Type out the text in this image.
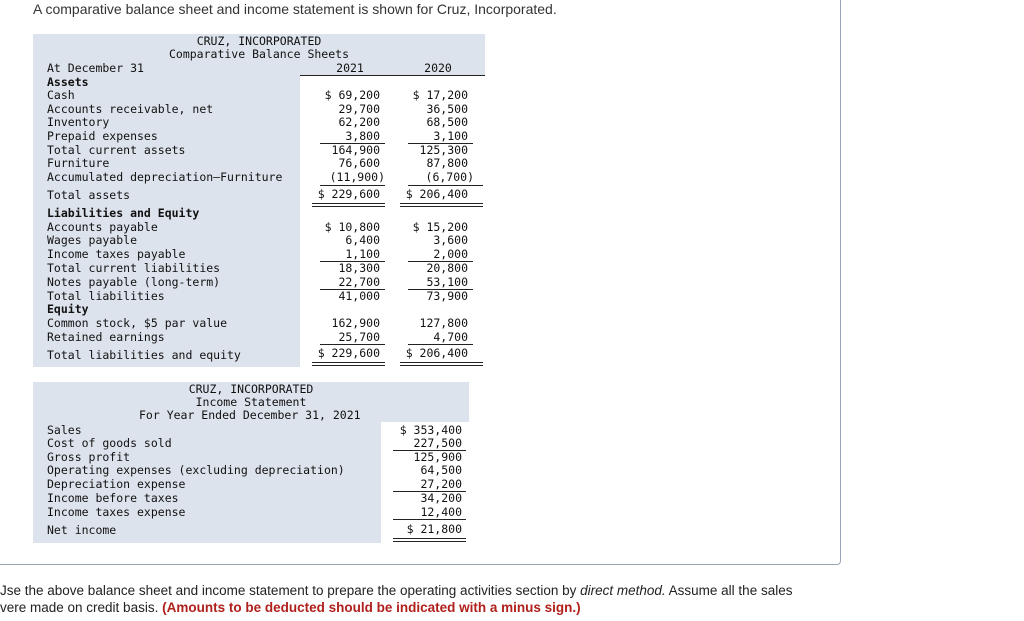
A comparative balance sheet and income statement is shown for Cruz, Incorporated.
CRUZ, INCORPORATED
Comparative Balance Sheets
At December 31	2021	2020
Assets
Cash	$ 69,200	$ 17,200
Accounts receivable, net	29,700	36,500
Inventory	62,200	68,500
Prepaid expenses	3,800	3,100
Total current assets	164,900	125,300
Furniture	76,600	87,800
Accumulated depreciation—Furniture	(11,900)	(6,700)
Total assets	$ 229,600	$ 206,400
Liabilities and Equity
Accounts payable	$ 10,800	$ 15,200
Wages payable	6,400	3,600
Income taxes payable	1,100	2,000
Total current liabilities	18,300	20,800
Notes payable (long-term)	22,700	53,100
Total liabilities	41,000	73,900
Equity
Common stock, $5 par value	162,900	127,800
Retained earnings	25,700	4,700
Total liabilities and equity	$ 229,600	$ 206,400
CRUZ, INCORPORATED
Income Statement
For Year Ended December 31, 2021
Sales	$ 353,400
Cost of goods sold	227,500
Gross profit	125,900
Operating expenses (excluding depreciation)	64,500
Depreciation expense	27,200
Income before taxes	34,200
Income taxes expense	12,400
Net income	$ 21,800
Jse the above balance sheet and income statement to prepare the operating activities section by direct method. Assume all the sales
vere made on credit basis. (Amounts to be deducted should be indicated with a minus sign.)
